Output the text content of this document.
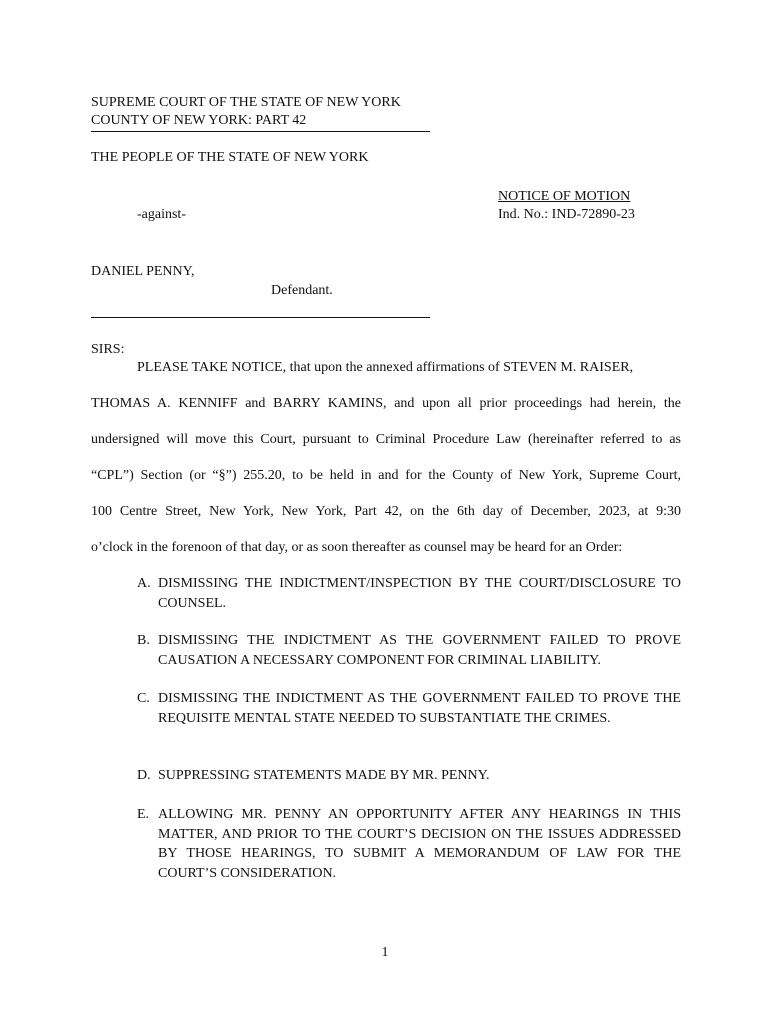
SUPREME COURT OF THE STATE OF NEW YORK
COUNTY OF NEW YORK: PART 42
THE PEOPLE OF THE STATE OF NEW YORK
NOTICE OF MOTION
Ind. No.: IND-72890-23
-against-
DANIEL PENNY,
Defendant.
SIRS:
PLEASE TAKE NOTICE, that upon the annexed affirmations of STEVEN M. RAISER,
THOMAS A. KENNIFF and BARRY KAMINS, and upon all prior proceedings had herein, the
undersigned will move this Court, pursuant to Criminal Procedure Law (hereinafter referred to as
“CPL”) Section (or “§”) 255.20, to be held in and for the County of New York, Supreme Court,
100 Centre Street, New York, New York, Part 42, on the 6th day of December, 2023, at 9:30
o’clock in the forenoon of that day, or as soon thereafter as counsel may be heard for an Order:
A. DISMISSING THE INDICTMENT/INSPECTION BY THE COURT/DISCLOSURE TO COUNSEL.
B. DISMISSING THE INDICTMENT AS THE GOVERNMENT FAILED TO PROVE CAUSATION A NECESSARY COMPONENT FOR CRIMINAL LIABILITY.
C. DISMISSING THE INDICTMENT AS THE GOVERNMENT FAILED TO PROVE THE REQUISITE MENTAL STATE NEEDED TO SUBSTANTIATE THE CRIMES.
D. SUPPRESSING STATEMENTS MADE BY MR. PENNY.
E. ALLOWING MR. PENNY AN OPPORTUNITY AFTER ANY HEARINGS IN THIS MATTER, AND PRIOR TO THE COURT’S DECISION ON THE ISSUES ADDRESSED BY THOSE HEARINGS, TO SUBMIT A MEMORANDUM OF LAW FOR THE COURT’S CONSIDERATION.
1
